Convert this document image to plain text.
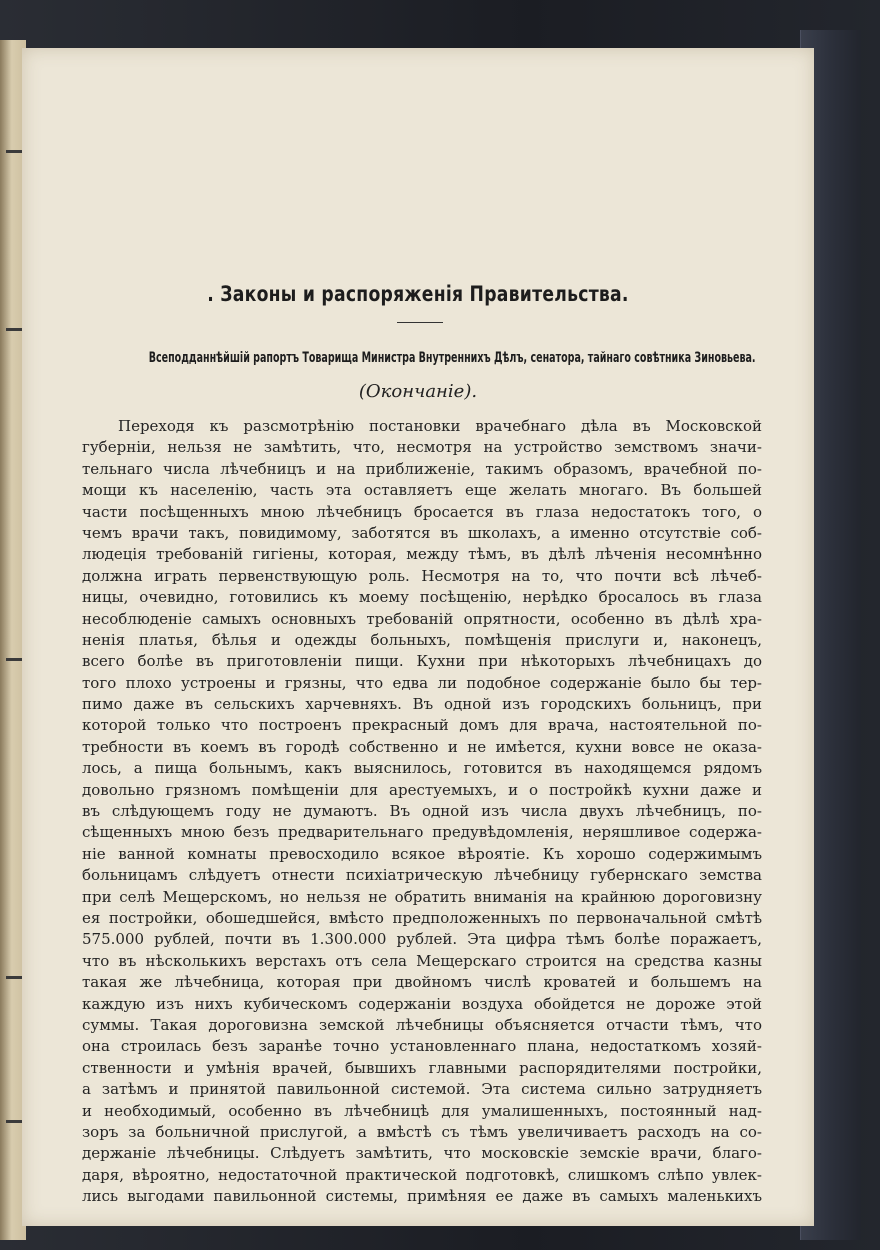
. Законы и распоряженія Правительства.
Всеподданнѣйшій рапортъ Товарища Министра Внутреннихъ Дѣлъ, сенатора, тайнаго совѣтника Зиновьева.
(Окончаніе).
Переходя къ разсмотрѣнію постановки врачебнаго дѣла въ Московской
губерніи, нельзя не замѣтить, что, несмотря на устройство земствомъ значи-
тельнаго числа лѣчебницъ и на приближеніе, такимъ образомъ, врачебной по-
мощи къ населенію, часть эта оставляетъ еще желать многаго. Въ большей
части посѣщенныхъ мною лѣчебницъ бросается въ глаза недостатокъ того, о
чемъ врачи такъ, повидимому, заботятся въ школахъ, а именно отсутствіе соб-
людеція требованій гигіены, которая, между тѣмъ, въ дѣлѣ лѣченія несомнѣнно
должна играть первенствующую роль. Несмотря на то, что почти всѣ лѣчеб-
ницы, очевидно, готовились къ моему посѣщенію, нерѣдко бросалось въ глаза
несоблюденіе самыхъ основныхъ требованій опрятности, особенно въ дѣлѣ хра-
ненія платья, бѣлья и одежды больныхъ, помѣщенія прислуги и, наконецъ,
всего болѣе въ приготовленіи пищи. Кухни при нѣкоторыхъ лѣчебницахъ до
того плохо устроены и грязны, что едва ли подобное содержаніе было бы тер-
пимо даже въ сельскихъ харчевняхъ. Въ одной изъ городскихъ больницъ, при
которой только что построенъ прекрасный домъ для врача, настоятельной по-
требности въ коемъ въ городѣ собственно и не имѣется, кухни вовсе не оказа-
лось, а пища больнымъ, какъ выяснилось, готовится въ находящемся рядомъ
довольно грязномъ помѣщеніи для арестуемыхъ, и о постройкѣ кухни даже и
въ слѣдующемъ году не думаютъ. Въ одной изъ числа двухъ лѣчебницъ, по-
сѣщенныхъ мною безъ предварительнаго предувѣдомленія, неряшливое содержа-
ніе ванной комнаты превосходило всякое вѣроятіе. Къ хорошо содержимымъ
больницамъ слѣдуетъ отнести психіатрическую лѣчебницу губернскаго земства
при селѣ Мещерскомъ, но нельзя не обратить вниманія на крайнюю дороговизну
ея постройки, обошедшейся, вмѣсто предположенныхъ по первоначальной смѣтѣ
575.000 рублей, почти въ 1.300.000 рублей. Эта цифра тѣмъ болѣе поражаетъ,
что въ нѣсколькихъ верстахъ отъ села Мещерскаго строится на средства казны
такая же лѣчебница, которая при двойномъ числѣ кроватей и большемъ на
каждую изъ нихъ кубическомъ содержаніи воздуха обойдется не дороже этой
суммы. Такая дороговизна земской лѣчебницы объясняется отчасти тѣмъ, что
она строилась безъ заранѣе точно установленнаго плана, недостаткомъ хозяй-
ственности и умѣнія врачей, бывшихъ главными распорядителями постройки,
а затѣмъ и принятой павильонной системой. Эта система сильно затрудняетъ
и необходимый, особенно въ лѣчебницѣ для умалишенныхъ, постоянный над-
зоръ за больничной прислугой, а вмѣстѣ съ тѣмъ увеличиваетъ расходъ на со-
держаніе лѣчебницы. Слѣдуетъ замѣтить, что московскіе земскіе врачи, благо-
даря, вѣроятно, недостаточной практической подготовкѣ, слишкомъ слѣпо увлек-
лись выгодами павильонной системы, примѣняя ее даже въ самыхъ маленькихъ
